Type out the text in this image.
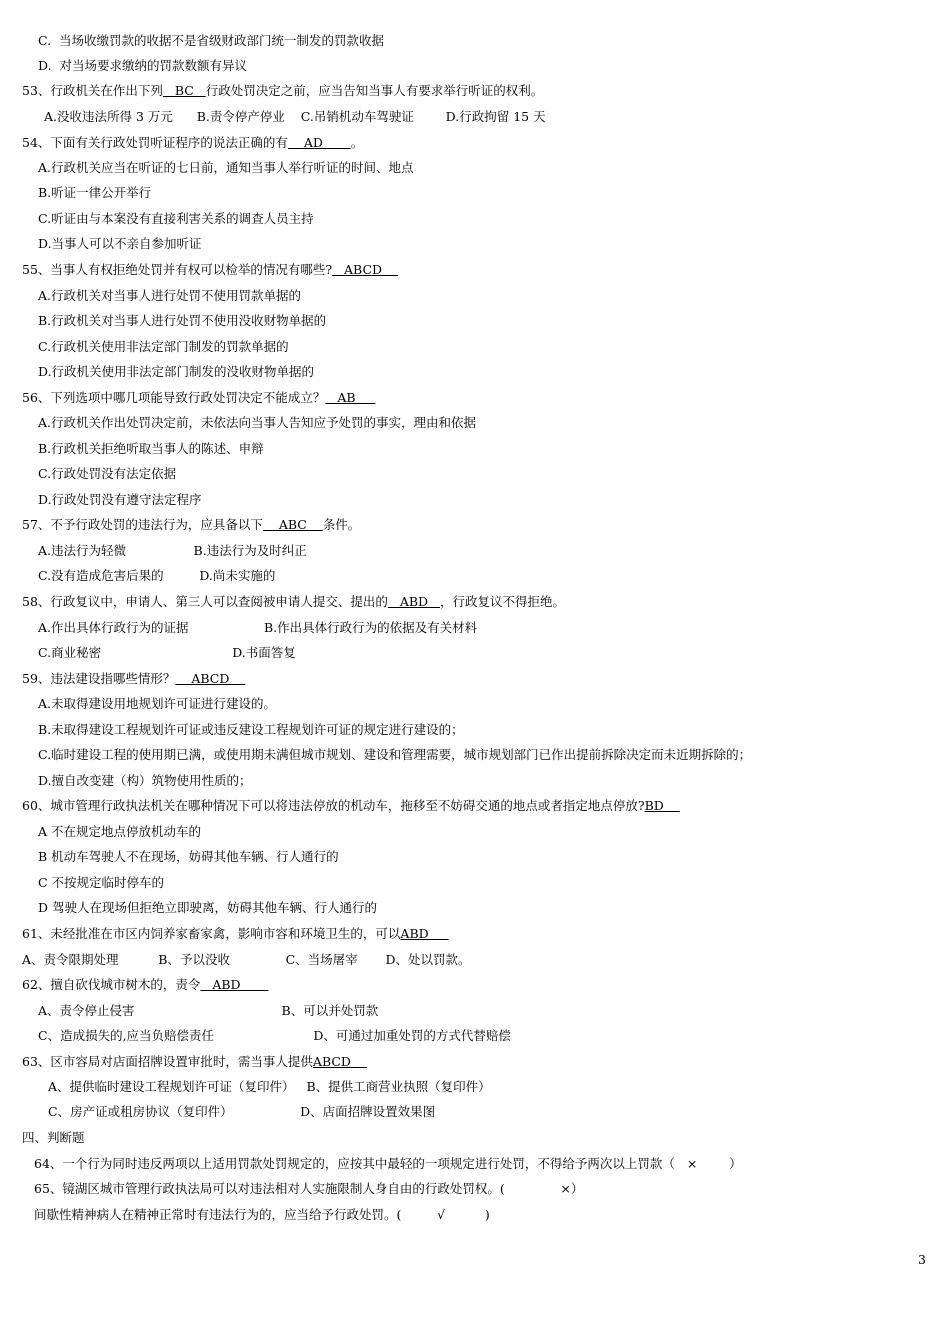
C.  当场收缴罚款的收据不是省级财政部门统一制发的罚款收据
D.  对当场要求缴纳的罚款数额有异议
53、行政机关在作出下列   BC   行政处罚决定之前，应当告知当事人有要求举行听证的权利。
A.没收违法所得 3 万元      B.责令停产停业    C.吊销机动车驾驶证        D.行政拘留 15 天
54、下面有关行政处罚听证程序的说法正确的有    AD       。
A.行政机关应当在听证的七日前，通知当事人举行听证的时间、地点
B.听证一律公开举行
C.听证由与本案没有直接利害关系的调查人员主持
D.当事人可以不亲自参加听证
55、当事人有权拒绝处罚并有权可以检举的情况有哪些?   ABCD
A.行政机关对当事人进行处罚不使用罚款单据的
B.行政机关对当事人进行处罚不使用没收财物单据的
C.行政机关使用非法定部门制发的罚款单据的
D.行政机关使用非法定部门制发的没收财物单据的
56、下列选项中哪几项能导致行政处罚决定不能成立？   AB
A.行政机关作出处罚决定前，未依法向当事人告知应予处罚的事实，理由和依据
B.行政机关拒绝听取当事人的陈述、申辩
C.行政处罚没有法定依据
D.行政处罚没有遵守法定程序
57、不予行政处罚的违法行为，应具备以下    ABC    条件。
A.违法行为轻微                 B.违法行为及时纠正
C.没有造成危害后果的         D.尚未实施的
58、行政复议中，申请人、第三人可以查阅被申请人提交、提出的   ABD   ，行政复议不得拒绝。
A.作出具体行政行为的证据                   B.作出具体行政行为的依据及有关材料
C.商业秘密                                 D.书面答复
59、违法建设指哪些情形？    ABCD
A.未取得建设用地规划许可证进行建设的。
B.未取得建设工程规划许可证或违反建设工程规划许可证的规定进行建设的；
C.临时建设工程的使用期已满，或使用期未满但城市规划、建设和管理需要，城市规划部门已作出提前拆除决定而未近期拆除的；
D.擅自改变建（构）筑物使用性质的；
60、城市管理行政执法机关在哪种情况下可以将违法停放的机动车，拖移至不妨碍交通的地点或者指定地点停放?BD
A 不在规定地点停放机动车的
B 机动车驾驶人不在现场，妨碍其他车辆、行人通行的
C 不按规定临时停车的
D 驾驶人在现场但拒绝立即驶离，妨碍其他车辆、行人通行的
61、未经批准在市区内饲养家畜家禽，影响市容和环境卫生的，可以ABD
A、责令限期处理          B、予以没收              C、当场屠宰       D、处以罚款。
62、擅自砍伐城市树木的，责令   ABD
A、责令停止侵害                                     B、可以并处罚款
C、造成损失的,应当负赔偿责任                         D、可通过加重处罚的方式代替赔偿
63、区市容局对店面招牌设置审批时，需当事人提供ABCD
A、提供临时建设工程规划许可证（复印件）   B、提供工商营业执照（复印件）
C、房产证或租房协议（复印件）                 D、店面招牌设置效果图
四、判断题
64、一个行为同时违反两项以上适用罚款处罚规定的，应按其中最轻的一项规定进行处罚，不得给予两次以上罚款（   ×        ）
65、镜湖区城市管理行政执法局可以对违法相对人实施限制人身自由的行政处罚权。(              ×）
间歇性精神病人在精神正常时有违法行为的，应当给予行政处罚。(         √          )
3
